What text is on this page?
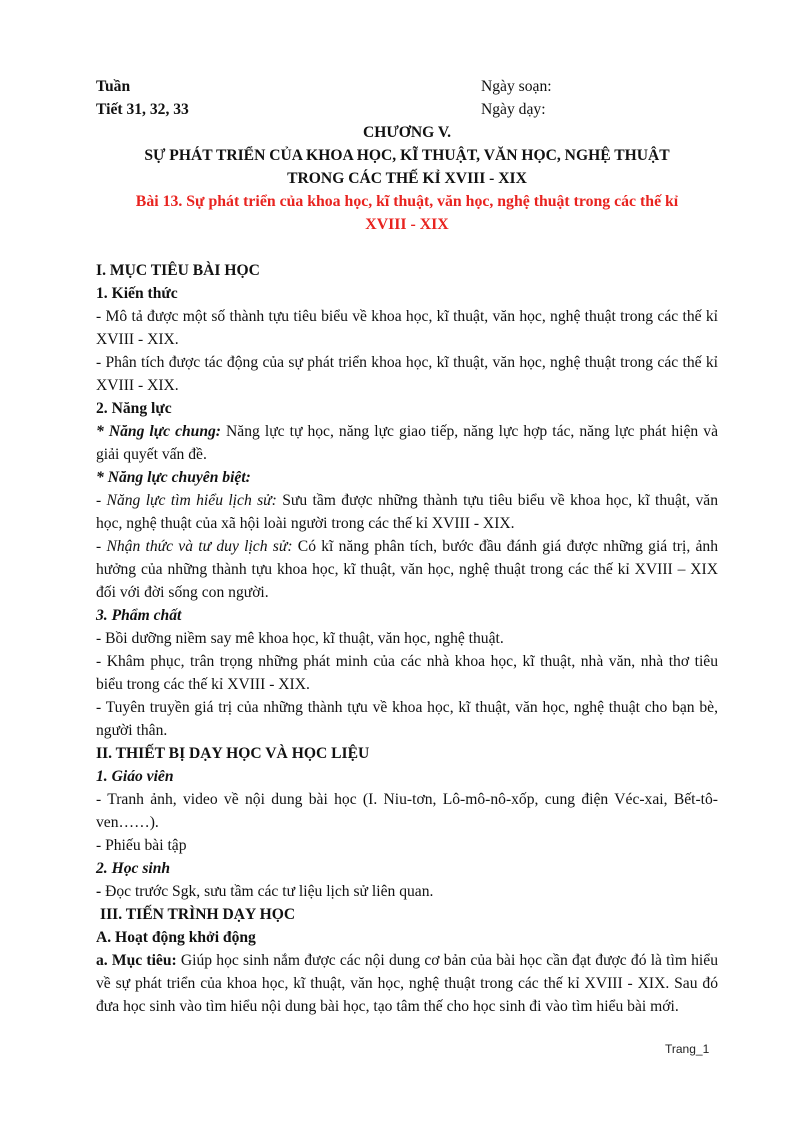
Tuần	Ngày soạn:
Tiết 31, 32, 33	Ngày dạy:
CHƯƠNG V.
SỰ PHÁT TRIỂN CỦA KHOA HỌC, KĨ THUẬT, VĂN HỌC, NGHỆ THUẬT
TRONG CÁC THẾ KỈ XVIII - XIX
Bài 13. Sự phát triển của khoa học, kĩ thuật, văn học, nghệ thuật trong các thế kỉ
XVIII - XIX
I. MỤC TIÊU BÀI HỌC
1. Kiến thức
- Mô tả được một số thành tựu tiêu biểu về khoa học, kĩ thuật, văn học, nghệ thuật trong các thế kỉ XVIII - XIX.
- Phân tích được tác động của sự phát triển khoa học, kĩ thuật, văn học, nghệ thuật trong các thế kỉ XVIII - XIX.
2. Năng lực
* Năng lực chung: Năng lực tự học, năng lực giao tiếp, năng lực hợp tác, năng lực phát hiện và giải quyết vấn đề.
* Năng lực chuyên biệt:
- Năng lực tìm hiểu lịch sử: Sưu tầm được những thành tựu tiêu biểu về khoa học, kĩ thuật, văn học, nghệ thuật của xã hội loài người trong các thế kỉ XVIII - XIX.
- Nhận thức và tư duy lịch sử: Có kĩ năng phân tích, bước đầu đánh giá được những giá trị, ảnh hưởng của những thành tựu khoa học, kĩ thuật, văn học, nghệ thuật trong các thế kỉ XVIII – XIX đối với đời sống con người.
3. Phẩm chất
- Bồi dưỡng niềm say mê khoa học, kĩ thuật, văn học, nghệ thuật.
- Khâm phục, trân trọng những phát minh của các nhà khoa học, kĩ thuật, nhà văn, nhà thơ tiêu biểu trong các thế kỉ XVIII - XIX.
- Tuyên truyền giá trị của những thành tựu về khoa học, kĩ thuật, văn học, nghệ thuật cho bạn bè, người thân.
II. THIẾT BỊ DẠY HỌC VÀ HỌC LIỆU
1. Giáo viên
- Tranh ảnh, video về nội dung bài học (I. Niu-tơn, Lô-mô-nô-xốp, cung điện Véc-xai, Bết-tô-ven……).
- Phiếu bài tập
2. Học sinh
- Đọc trước Sgk, sưu tầm các tư liệu lịch sử liên quan.
III. TIẾN TRÌNH DẠY HỌC
A. Hoạt động khởi động
a. Mục tiêu: Giúp học sinh nắm được các nội dung cơ bản của bài học cần đạt được đó là tìm hiểu về sự phát triển của khoa học, kĩ thuật, văn học, nghệ thuật trong các thế kỉ XVIII - XIX. Sau đó đưa học sinh vào tìm hiểu nội dung bài học, tạo tâm thế cho học sinh đi vào tìm hiểu bài mới.
Trang_1
